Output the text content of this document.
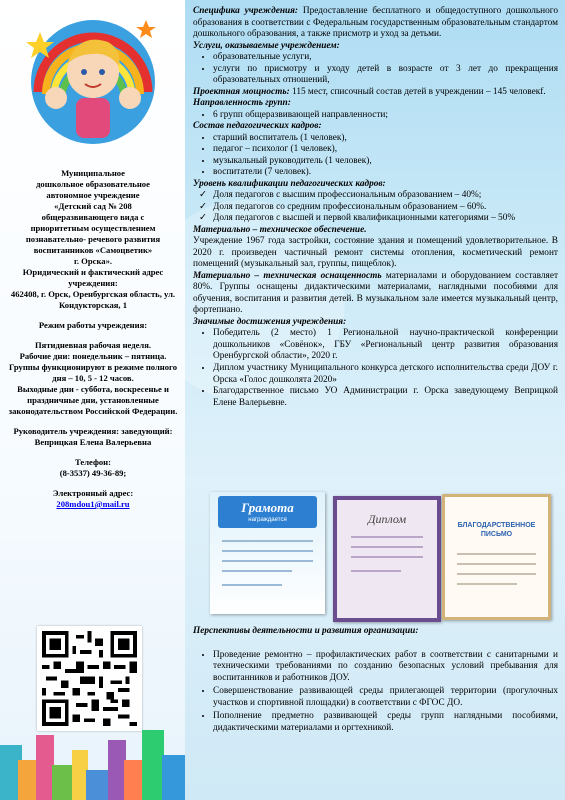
Муниципальное

дошкольное образовательное

автономное учреждение

«Детский сад № 208

общеразвивающего вида с

приоритетным осуществлением

познавательно- речевого развития

воспитанников «Самоцветик»

г. Орска».

Юридический и фактический адрес учреждения:

462408, г. Орск, Оренбургская область, ул. Кондукторская, 1

Режим работы учреждения:

Пятидневная рабочая неделя.

Рабочие дни: понедельник – пятница.

Группы функционируют в режиме полного дня – 10, 5 - 12 часов.

Выходные дни - суббота, воскресенье и праздничные дни, установленные законодательством Российской Федерации.

Руководитель учреждения: заведующий:

Веприцкая Елена Валерьевна

Телефон:

(8-3537) 49-36-89;

Электронный адрес:

208mdou1@mail.ru

Специфика учреждения: Предоставление бесплатного и общедоступного дошкольного образования в соответствии с Федеральным государственным образовательным стандартом дошкольного образования, а также присмотр и уход за детьми.

Услуги, оказываемые учреждением:

• образовательные услуги,
• услуги по присмотру и уходу детей в возрасте от 3 лет до прекращения образовательных отношений,

Проектная мощность: 115 мест, списочный состав детей в учреждении – 145 человекf.

Направленность групп:

• 6 групп общеразвивающей направленности;

Состав педагогических кадров:

• старший воспитатель (1 человек),
• педагог – психолог (1 человек),
• музыкальный руководитель (1 человек),
• воспитатели (7 человек).

Уровень квалификации педагогических кадров:

✓ Доля педагогов с высшим профессиональным образованием – 40%;
✓ Доля педагогов со средним профессиональным образованием – 60%.
✓ Доля педагогов с высшей и первой квалификационными категориями – 50%

Материально – техническое обеспечение.

Учреждение 1967 года застройки, состояние здания и помещений удовлетворительное. В 2020 г. произведен частичный ремонт системы отопления, косметический ремонт помещений (музыкальный зал, группы, пищеблок).

Материально – техническая оснащенность материалами и оборудованием составляет 80%. Группы оснащены дидактическими материалами, наглядными пособиями для обучения, воспитания и развития детей. В музыкальном зале имеется музыкальный центр, фортепиано.

Значимые достижения учреждения:

• Победитель (2 место) 1 Региональной научно-практической конференции дошкольников «Совёнок», ГБУ «Региональный центр развития образования Оренбургской области», 2020 г.
• Диплом участнику Муниципального конкурса детского исполнительства среди ДОУ г. Орска «Голос дошколята 2020»
• Благодарственное письмо УО Администрации г. Орска заведующему Веприцкой Елене Валерьевне.
Грамота
награждается	Диплом	БЛАГОДАРСТВЕННОЕ ПИСЬМО

Перспективы деятельности и развития организации:

• Проведение ремонтно – профилактических работ в соответствии с санитарными и техническими требованиями по созданию безопасных условий пребывания для воспитанников и работников ДОУ.
• Совершенствование развивающей среды прилегающей территории (прогулочных участков и спортивной площадки) в соответствии с ФГОС ДО.
• Пополнение предметно развивающей среды групп наглядными пособиями, дидактическими материалами и оргтехникой.
